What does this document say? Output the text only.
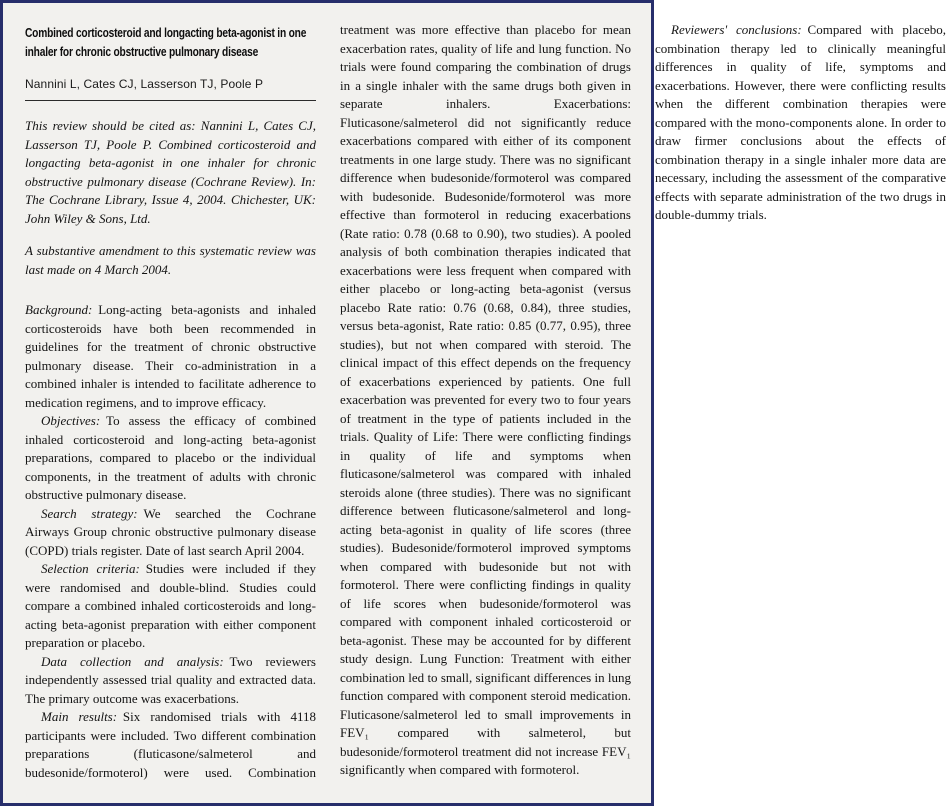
Combined corticosteroid and longacting beta-agonist in one inhaler for chronic obstructive pulmonary disease
Nannini L, Cates CJ, Lasserson TJ, Poole P

This review should be cited as: Nannini L, Cates CJ, Lasserson TJ, Poole P. Combined corticosteroid and longacting beta-agonist in one inhaler for chronic obstructive pulmonary disease (Cochrane Review). In: The Cochrane Library, Issue 4, 2004. Chichester, UK: John Wiley & Sons, Ltd.

A substantive amendment to this systematic review was last made on 4 March 2004.

Background: Long-acting beta-agonists and inhaled corticosteroids have both been recommended in guidelines for the treatment of chronic obstructive pulmonary disease. Their co-administration in a combined inhaler is intended to facilitate adherence to medication regimens, and to improve efficacy.

Objectives: To assess the efficacy of combined inhaled corticosteroid and long-acting beta-agonist preparations, compared to placebo or the individual components, in the treatment of adults with chronic obstructive pulmonary disease.

Search strategy: We searched the Cochrane Airways Group chronic obstructive pulmonary disease (COPD) trials register. Date of last search April 2004.

Selection criteria: Studies were included if they were randomised and double-blind. Studies could compare a combined inhaled corticosteroids and long-acting beta-agonist preparation with either component preparation or placebo.

Data collection and analysis: Two reviewers independently assessed trial quality and extracted data. The primary outcome was exacerbations.

Main results: Six randomised trials with 4118 participants were included. Two different combination preparations (fluticasone/salmeterol and budesonide/formoterol) were used. Combination treatment was more effective than placebo for mean exacerbation rates, quality of life and lung function. No trials were found comparing the combination of drugs in a single inhaler with the same drugs both given in separate inhalers. Exacerbations: Fluticasone/salmeterol did not significantly reduce exacerbations compared with either of its component treatments in one large study. There was no significant difference when budesonide/formoterol was compared with budesonide. Budesonide/formoterol was more effective than formoterol in reducing exacerbations (Rate ratio: 0.78 (0.68 to 0.90), two studies). A pooled analysis of both combination therapies indicated that exacerbations were less frequent when compared with either placebo or long-acting beta-agonist (versus placebo Rate ratio: 0.76 (0.68, 0.84), three studies, versus beta-agonist, Rate ratio: 0.85 (0.77, 0.95), three studies), but not when compared with steroid. The clinical impact of this effect depends on the frequency of exacerbations experienced by patients. One full exacerbation was prevented for every two to four years of treatment in the type of patients included in the trials. Quality of Life: There were conflicting findings in quality of life and symptoms when fluticasone/salmeterol was compared with inhaled steroids alone (three studies). There was no significant difference between fluticasone/salmeterol and long-acting beta-agonist in quality of life scores (three studies). Budesonide/formoterol improved symptoms when compared with budesonide but not with formoterol. There were conflicting findings in quality of life scores when budesonide/formoterol was compared with component inhaled corticosteroid or beta-agonist. These may be accounted for by different study design. Lung Function: Treatment with either combination led to small, significant differences in lung function compared with component steroid medication. Fluticasone/salmeterol led to small improvements in FEV₁ compared with salmeterol, but budesonide/formoterol treatment did not increase FEV₁ significantly when compared with formoterol.

Reviewers' conclusions: Compared with placebo, combination therapy led to clinically meaningful differences in quality of life, symptoms and exacerbations. However, there were conflicting results when the different combination therapies were compared with the mono-components alone. In order to draw firmer conclusions about the effects of combination therapy in a single inhaler more data are necessary, including the assessment of the comparative effects with separate administration of the two drugs in double-dummy trials.
